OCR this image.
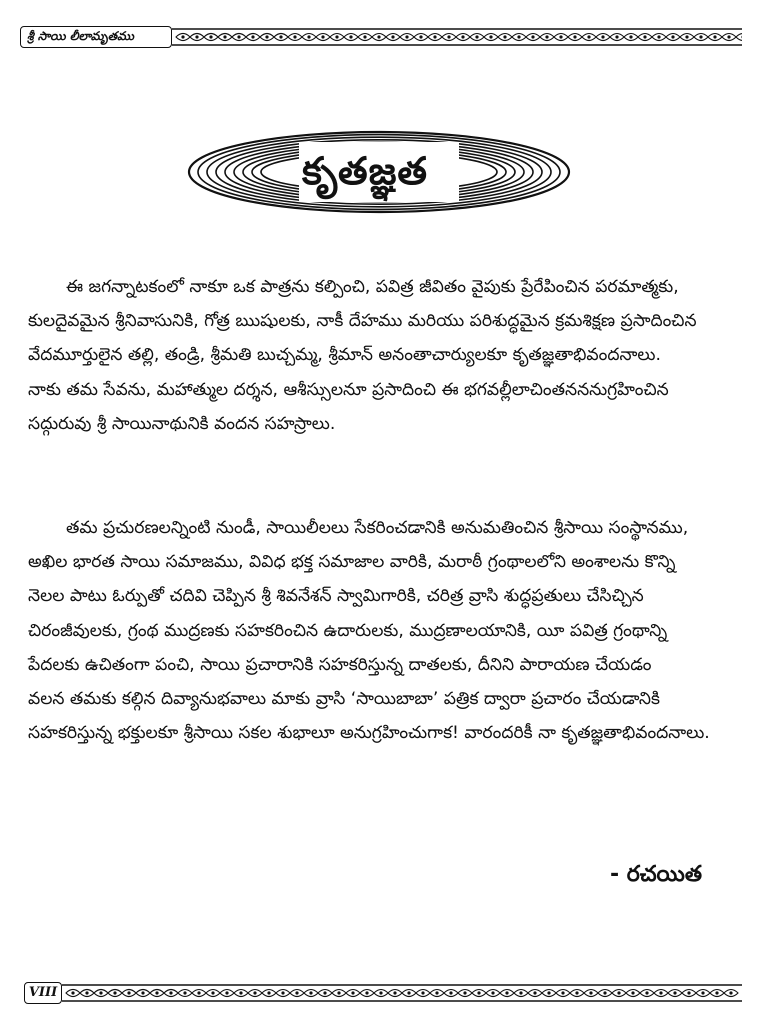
శ్రీ సాయి లీలామృతము
కృతజ్ఞత
ఈ జగన్నాటకంలో నాకూ ఒక పాత్రను కల్పించి, పవిత్ర జీవితం వైపుకు ప్రేరేపించిన పరమాత్మకు,
కులదైవమైన శ్రీనివాసునికి, గోత్ర ఋషులకు, నాకీ దేహము మరియు పరిశుద్ధమైన క్రమశిక్షణ ప్రసాదించిన
వేదమూర్తులైన తల్లి, తండ్రి, శ్రీమతి బుచ్చమ్మ, శ్రీమాన్ అనంతాచార్యులకూ కృతజ్ఞతాభివందనాలు.
నాకు తమ సేవను, మహాత్ముల దర్శన, ఆశీస్సులనూ ప్రసాదించి ఈ భగవల్లీలాచింతనననుగ్రహించిన
సద్గురువు శ్రీ సాయినాథునికి వందన సహస్రాలు.
తమ ప్రచురణలన్నింటి నుండీ, సాయిలీలలు సేకరించడానికి అనుమతించిన శ్రీసాయి సంస్థానము,
అఖిల భారత సాయి సమాజము, వివిధ భక్త సమాజాల వారికి, మరాఠీ గ్రంథాలలోని అంశాలను కొన్ని
నెలల పాటు ఓర్పుతో చదివి చెప్పిన శ్రీ శివనేశన్ స్వామిగారికి, చరిత్ర వ్రాసి శుద్ధప్రతులు చేసిచ్చిన
చిరంజీవులకు, గ్రంథ ముద్రణకు సహకరించిన ఉదారులకు, ముద్రణాలయానికి, యీ పవిత్ర గ్రంథాన్ని
పేదలకు ఉచితంగా పంచి, సాయి ప్రచారానికి సహకరిస్తున్న దాతలకు, దీనిని పారాయణ చేయడం
వలన తమకు కల్గిన దివ్యానుభవాలు మాకు వ్రాసి ‘సాయిబాబా’ పత్రిక ద్వారా ప్రచారం చేయడానికి
సహకరిస్తున్న భక్తులకూ శ్రీసాయి సకల శుభాలూ అనుగ్రహించుగాక! వారందరికీ నా కృతజ్ఞతాభివందనాలు.
- రచయిత
VIII
